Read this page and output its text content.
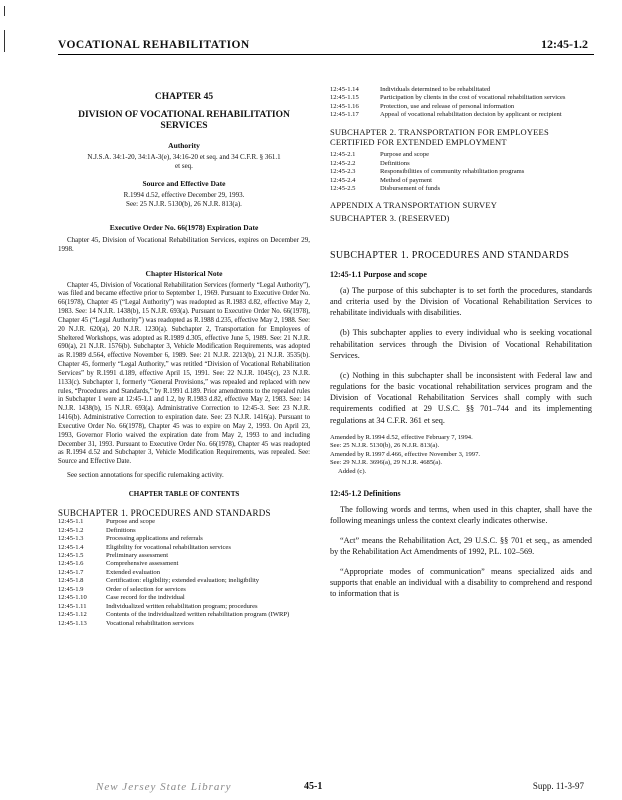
VOCATIONAL REHABILITATION	12:45-1.2
CHAPTER 45
DIVISION OF VOCATIONAL REHABILITATION SERVICES
Authority
N.J.S.A. 34:1-20, 34:1A-3(e), 34:16-20 et seq. and 34 C.F.R. § 361.1 et seq.
Source and Effective Date
R.1994 d.52, effective December 29, 1993.
See: 25 N.J.R. 5130(b), 26 N.J.R. 813(a).
Executive Order No. 66(1978) Expiration Date

Chapter 45, Division of Vocational Rehabilitation Services, expires on December 29, 1998.

Chapter Historical Note

Chapter 45, Division of Vocational Rehabilitation Services (formerly “Legal Authority”), was filed and became effective prior to September 1, 1969. Pursuant to Executive Order No. 66(1978), Chapter 45 (“Legal Authority”) was readopted as R.1983 d.82, effective May 2, 1983. See: 14 N.J.R. 1438(b), 15 N.J.R. 693(a). Pursuant to Executive Order No. 66(1978), Chapter 45 (“Legal Authority”) was readopted as R.1988 d.235, effective May 2, 1988. See: 20 N.J.R. 620(a), 20 N.J.R. 1230(a). Subchapter 2, Transportation for Employees of Sheltered Workshops, was adopted as R.1989 d.305, effective June 5, 1989. See: 21 N.J.R. 690(a), 21 N.J.R. 1576(b). Subchapter 3, Vehicle Modification Requirements, was adopted as R.1989 d.564, effective November 6, 1989. See: 21 N.J.R. 2213(b), 21 N.J.R. 3535(b). Chapter 45, formerly “Legal Authority,” was retitled “Division of Vocational Rehabilitation Services” by R.1991 d.189, effective April 15, 1991. See: 22 N.J.R. 1045(c), 23 N.J.R. 1133(c). Subchapter 1, formerly “General Provisions,” was repealed and replaced with new rules, “Procedures and Standards,” by R.1991 d.189. Prior amendments to the repealed rules in Subchapter 1 were at 12:45-1.1 and 1.2, by R.1983 d.82, effective May 2, 1983. See: 14 N.J.R. 1438(b), 15 N.J.R. 693(a). Administrative Correction to 12:45-3. See: 23 N.J.R. 1416(b). Administrative Correction to expiration date. See: 23 N.J.R. 1416(a). Pursuant to Executive Order No. 66(1978), Chapter 45 was to expire on May 2, 1993. On April 23, 1993, Governor Florio waived the expiration date from May 2, 1993 to and including December 31, 1993. Pursuant to Executive Order No. 66(1978), Chapter 45 was readopted as R.1994 d.52 and Subchapter 3, Vehicle Modification Requirements, was repealed. See: Source and Effective Date.

See section annotations for specific rulemaking activity.

CHAPTER TABLE OF CONTENTS
SUBCHAPTER 1. PROCEDURES AND STANDARDS
12:45-1.1	Purpose and scope
12:45-1.2	Definitions
12:45-1.3	Processing applications and referrals
12:45-1.4	Eligibility for vocational rehabilitation services
12:45-1.5	Preliminary assessment
12:45-1.6	Comprehensive assessment
12:45-1.7	Extended evaluation
12:45-1.8	Certification: eligibility; extended evaluation; ineligibility
12:45-1.9	Order of selection for services
12:45-1.10	Case record for the individual
12:45-1.11	Individualized written rehabilitation program; procedures
12:45-1.12	Contents of the individualized written rehabilitation program (IWRP)
12:45-1.13	Vocational rehabilitation services
12:45-1.14	Individuals determined to be rehabilitated
12:45-1.15	Participation by clients in the cost of vocational rehabilitation services
12:45-1.16	Protection, use and release of personal information
12:45-1.17	Appeal of vocational rehabilitation decision by applicant or recipient
SUBCHAPTER 2. TRANSPORTATION FOR EMPLOYEES CERTIFIED FOR EXTENDED EMPLOYMENT
12:45-2.1	Purpose and scope
12:45-2.2	Definitions
12:45-2.3	Responsibilities of community rehabilitation programs
12:45-2.4	Method of payment
12:45-2.5	Disbursement of funds
APPENDIX A TRANSPORTATION SURVEY
SUBCHAPTER 3. (RESERVED)
SUBCHAPTER 1. PROCEDURES AND STANDARDS
12:45-1.1 Purpose and scope

(a) The purpose of this subchapter is to set forth the procedures, standards and criteria used by the Division of Vocational Rehabilitation Services to rehabilitate individuals with disabilities.

(b) This subchapter applies to every individual who is seeking vocational rehabilitation services through the Division of Vocational Rehabilitation Services.

(c) Nothing in this subchapter shall be inconsistent with Federal law and regulations for the basic vocational rehabilitation services program and the Division of Vocational Rehabilitation Services shall comply with such requirements codified at 29 U.S.C. §§ 701–744 and its implementing regulations at 34 C.F.R. 361 et seq.

Amended by R.1994 d.52, effective February 7, 1994.
See: 25 N.J.R. 5130(b), 26 N.J.R. 813(a).
Amended by R.1997 d.466, effective November 3, 1997.
See: 29 N.J.R. 3696(a), 29 N.J.R. 4685(a).
Added (c).
12:45-1.2 Definitions

The following words and terms, when used in this chapter, shall have the following meanings unless the context clearly indicates otherwise.

“Act” means the Rehabilitation Act, 29 U.S.C. §§ 701 et seq., as amended by the Rehabilitation Act Amendments of 1992, P.L. 102–569.

“Appropriate modes of communication” means specialized aids and supports that enable an individual with a disability to comprehend and respond to information that is

New Jersey State Library	45-1	Supp. 11-3-97
